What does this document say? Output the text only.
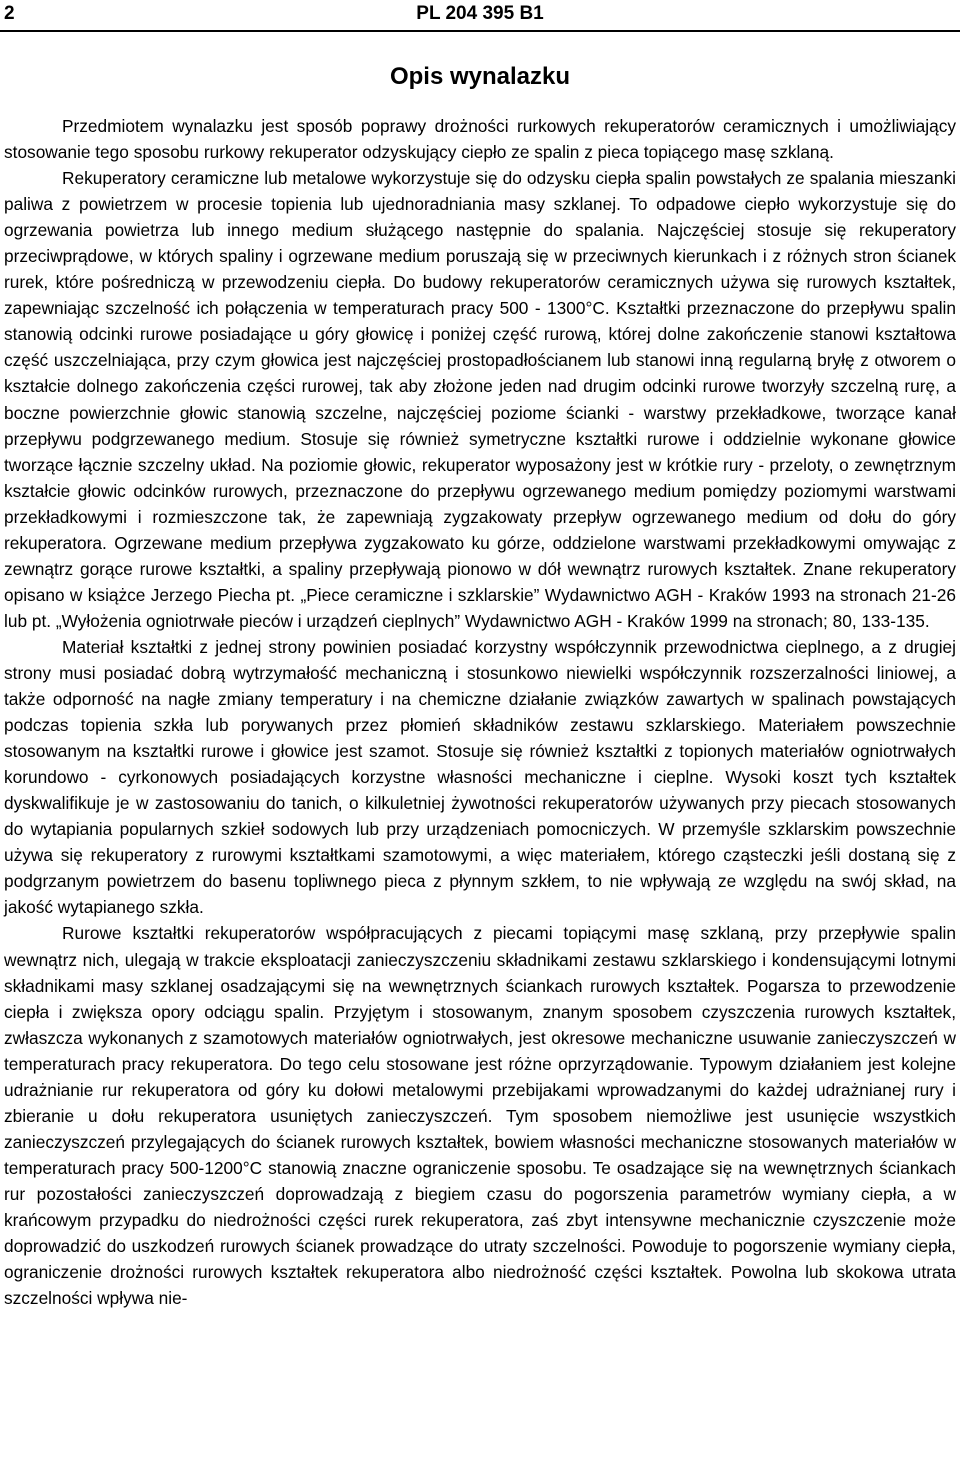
2	PL 204 395 B1
Opis wynalazku

Przedmiotem wynalazku jest sposób poprawy drożności rurkowych rekuperatorów ceramicznych i umożliwiający stosowanie tego sposobu rurkowy rekuperator odzyskujący ciepło ze spalin z pieca topiącego masę szklaną.

Rekuperatory ceramiczne lub metalowe wykorzystuje się do odzysku ciepła spalin powstałych ze spalania mieszanki paliwa z powietrzem w procesie topienia lub ujednoradniania masy szklanej. To odpadowe ciepło wykorzystuje się do ogrzewania powietrza lub innego medium służącego następnie do spalania. Najczęściej stosuje się rekuperatory przeciwprądowe, w których spaliny i ogrzewane medium poruszają się w przeciwnych kierunkach i z różnych stron ścianek rurek, które pośredniczą w przewodzeniu ciepła. Do budowy rekuperatorów ceramicznych używa się rurowych kształtek, zapewniając szczelność ich połączenia w temperaturach pracy 500 - 1300°C. Kształtki przeznaczone do przepływu spalin stanowią odcinki rurowe posiadające u góry głowicę i poniżej część rurową, której dolne zakończenie stanowi kształtowa część uszczelniająca, przy czym głowica jest najczęściej prostopadłościanem lub stanowi inną regularną bryłę z otworem o kształcie dolnego zakończenia części rurowej, tak aby złożone jeden nad drugim odcinki rurowe tworzyły szczelną rurę, a boczne powierzchnie głowic stanowią szczelne, najczęściej poziome ścianki - warstwy przekładkowe, tworzące kanał przepływu podgrzewanego medium. Stosuje się również symetryczne kształtki rurowe i oddzielnie wykonane głowice tworzące łącznie szczelny układ. Na poziomie głowic, rekuperator wyposażony jest w krótkie rury - przeloty, o zewnętrznym kształcie głowic odcinków rurowych, przeznaczone do przepływu ogrzewanego medium pomiędzy poziomymi warstwami przekładkowymi i rozmieszczone tak, że zapewniają zygzakowaty przepływ ogrzewanego medium od dołu do góry rekuperatora. Ogrzewane medium przepływa zygzakowato ku górze, oddzielone warstwami przekładkowymi omywając z zewnątrz gorące rurowe kształtki, a spaliny przepływają pionowo w dół wewnątrz rurowych kształtek. Znane rekuperatory opisano w książce Jerzego Piecha pt. „Piece ceramiczne i szklarskie” Wydawnictwo AGH - Kraków 1993 na stronach 21-26 lub pt. „Wyłożenia ogniotrwałe pieców i urządzeń cieplnych” Wydawnictwo AGH - Kraków 1999 na stronach; 80, 133-135.

Materiał kształtki z jednej strony powinien posiadać korzystny współczynnik przewodnictwa cieplnego, a z drugiej strony musi posiadać dobrą wytrzymałość mechaniczną i stosunkowo niewielki współczynnik rozszerzalności liniowej, a także odporność na nagłe zmiany temperatury i na chemiczne działanie związków zawartych w spalinach powstających podczas topienia szkła lub porywanych przez płomień składników zestawu szklarskiego. Materiałem powszechnie stosowanym na kształtki rurowe i głowice jest szamot. Stosuje się również kształtki z topionych materiałów ogniotrwałych korundowo - cyrkonowych posiadających korzystne własności mechaniczne i cieplne. Wysoki koszt tych kształtek dyskwalifikuje je w zastosowaniu do tanich, o kilkuletniej żywotności rekuperatorów używanych przy piecach stosowanych do wytapiania popularnych szkieł sodowych lub przy urządzeniach pomocniczych. W przemyśle szklarskim powszechnie używa się rekuperatory z rurowymi kształtkami szamotowymi, a więc materiałem, którego cząsteczki jeśli dostaną się z podgrzanym powietrzem do basenu topliwnego pieca z płynnym szkłem, to nie wpływają ze względu na swój skład, na jakość wytapianego szkła.

Rurowe kształtki rekuperatorów współpracujących z piecami topiącymi masę szklaną, przy przepływie spalin wewnątrz nich, ulegają w trakcie eksploatacji zanieczyszczeniu składnikami zestawu szklarskiego i kondensującymi lotnymi składnikami masy szklanej osadzającymi się na wewnętrznych ściankach rurowych kształtek. Pogarsza to przewodzenie ciepła i zwiększa opory odciągu spalin. Przyjętym i stosowanym, znanym sposobem czyszczenia rurowych kształtek, zwłaszcza wykonanych z szamotowych materiałów ogniotrwałych, jest okresowe mechaniczne usuwanie zanieczyszczeń w temperaturach pracy rekuperatora. Do tego celu stosowane jest różne oprzyrządowanie. Typowym działaniem jest kolejne udrażnianie rur rekuperatora od góry ku dołowi metalowymi przebijakami wprowadzanymi do każdej udrażnianej rury i zbieranie u dołu rekuperatora usuniętych zanieczyszczeń. Tym sposobem niemożliwe jest usunięcie wszystkich zanieczyszczeń przylegających do ścianek rurowych kształtek, bowiem własności mechaniczne stosowanych materiałów w temperaturach pracy 500-1200°C stanowią znaczne ograniczenie sposobu. Te osadzające się na wewnętrznych ściankach rur pozostałości zanieczyszczeń doprowadzają z biegiem czasu do pogorszenia parametrów wymiany ciepła, a w krańcowym przypadku do niedrożności części rurek rekuperatora, zaś zbyt intensywne mechanicznie czyszczenie może doprowadzić do uszkodzeń rurowych ścianek prowadzące do utraty szczelności. Powoduje to pogorszenie wymiany ciepła, ograniczenie drożności rurowych kształtek rekuperatora albo niedrożność części kształtek. Powolna lub skokowa utrata szczelności wpływa nie-
